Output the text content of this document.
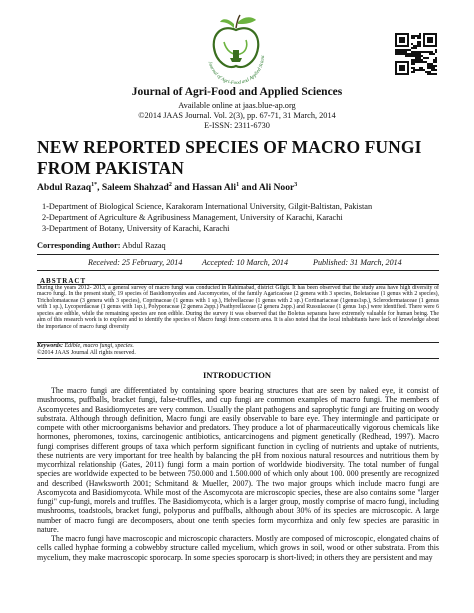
Journal of Agri-Food and Applied Scienc
Journal of Agri-Food and Applied Sciences
Available online at jaas.blue-ap.org
©2014 JAAS Journal. Vol. 2(3), pp. 67-71, 31 March, 2014
E-ISSN: 2311-6730
NEW REPORTED SPECIES OF MACRO FUNGI FROM PAKISTAN
Abdul Razaq$^{1*}$, Saleem Shahzad$^2$ and Hassan Ali$^1$ and Ali Noor$^3$
1-Department of Biological Science, Karakoram International University, Gilgit-Baltistan, Pakistan
2-Department of Agriculture & Agribusiness Management, University of Karachi, Karachi
3-Department of Botany, University of Karachi, Karachi
Corresponding Author: Abdul Razaq
Received: 25 February, 2014 Accepted: 10 March, 2014	Published: 31 March, 2014
ABSTRACT
During the years 2012- 2013, a general survey of macro fungi was conducted in Rahimabad, district Gilgit. It has been observed that the study area have high diversity of macro fungi. In the present study, 19 species of Basidiomycetes and Ascomycetes, of the family Agaricaceae (2 genera with 3 species, Boletaceae (1 genus with 2 species), Tricholomataceae (3 genera with 3 species), Coprinaceae (1 genus with 1 sp.), Helvellaceae (1 genus with 2 sp.) Cortinariaceae (1genus1sp.), Sclerodermataceae (1 genus with 1 sp.), Lycoperdaceae (1 genus with 1sp.), Polyporaceae (2 genera 2spp.) Psathyrellaceae (2 genera 2spp.) and Russulaceae (1 genus 1sp.) were identified. There were 6 species are edible, while the remaining species are non edible. During the survey it was observed that the Boletus separans have extremely valuable for human being. The aim of this research work is to explore and to identify the species of Macro fungi from concern area. It is also noted that the local inhabitants have lack of knowledge about the importance of macro fungi diversity
Keywords: Edible, macro fungi, species.
©2014 JAAS Journal All rights reserved.
INTRODUCTION

The macro fungi are differentiated by containing spore bearing structures that are seen by naked eye, it consist of mushrooms, puffballs, bracket fungi, false-truffles, and cup fungi are common examples of macro fungi. The members of Ascomycetes and Basidiomycetes are very common. Usually the plant pathogens and saprophytic fungi are fruiting on woody substrata. Although through definition, Macro fungi are easily observable to bare eye. They intermingle and participate or compete with other microorganisms behavior and predators. They produce a lot of pharmaceutically vigorous chemicals like hormones, pheromones, toxins, carcinogenic antibiotics, anticarcinogens and pigment genetically (Redhead, 1997). Macro fungi comprises different groups of taxa which perform significant function in cycling of nutrients and uptake of nutrients, these nutrients are very important for tree health by balancing the pH from noxious natural resources and nutritious them by mycorrhizal relationship (Gates, 2011) fungi form a main portion of worldwide biodiversity. The total number of fungal species are worldwide expected to be between 750.000 and 1.500.000 of which only about 100. 000 presently are recognized and described (Hawksworth 2001; Schmitand & Mueller, 2007). The two major groups which include macro fungi are Ascomycota and Basidiomycota. While most of the Ascomycota are microscopic species, these are also contains some "larger fungi" cup-fungi, morels and truffles. The Basidiomycota, which is a larger group, mostly comprise of macro fungi, including mushrooms, toadstools, bracket fungi, polyporus and puffballs, although about 30% of its species are microscopic. A large number of macro fungi are decomposers, about one tenth species form mycorrhiza and only few species are parasitic in nature.

The macro fungi have macroscopic and microscopic characters. Mostly are composed of microscopic, elongated chains of cells called hyphae forming a cobwebby structure called mycelium, which grows in soil, wood or other substrata. From this mycelium, they make macroscopic sporocarp. In some species sporocarp is short-lived; in others they are persistent and may
